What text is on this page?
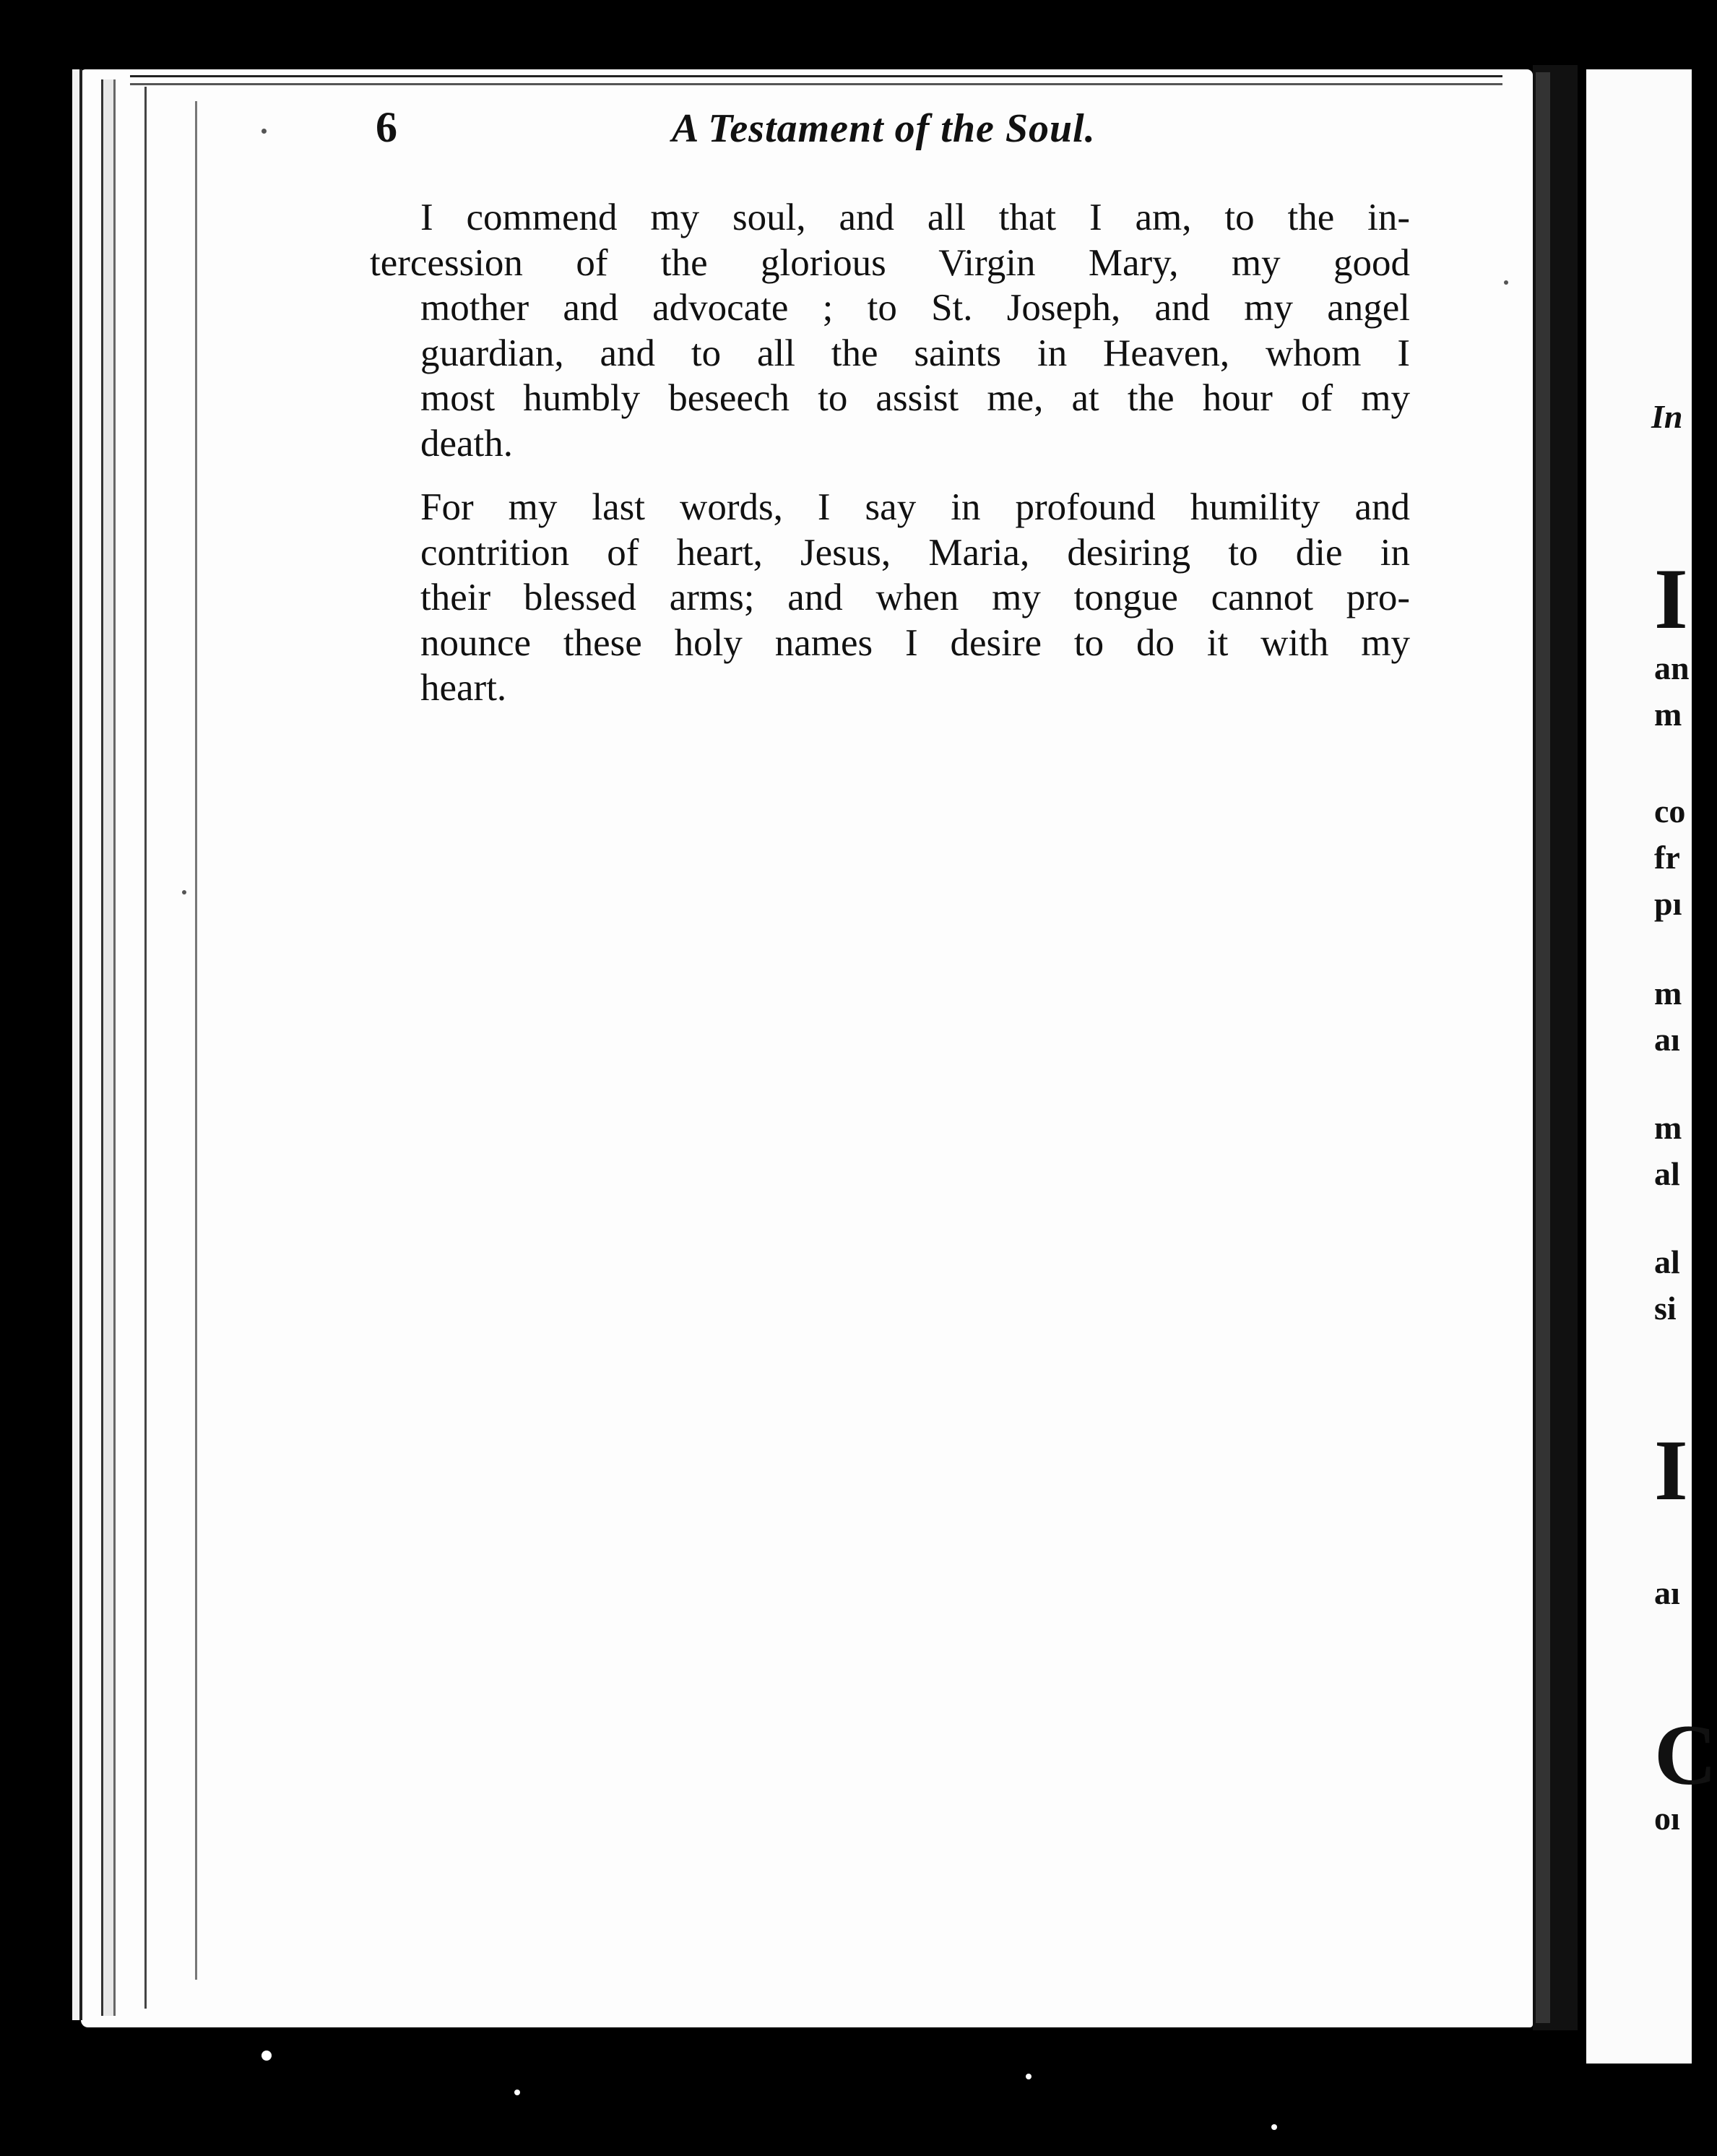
6	A Testament of the Soul.

I commend my soul, and all that I am, to the in-
tercession of the glorious Virgin Mary, my good
mother and advocate ; to St. Joseph, and my angel
guardian, and to all the saints in Heaven, whom I
most humbly beseech to assist me, at the hour of my
death.

For my last words, I say in profound humility and
contrition of heart, Jesus, Maria, desiring to die in
their blessed arms; and when my tongue cannot pro-
nounce these holy names I desire to do it with my
heart.

In
I
an
m
co
fr
pı
m
aı
m
al
al
si
I
aı
C
oı
